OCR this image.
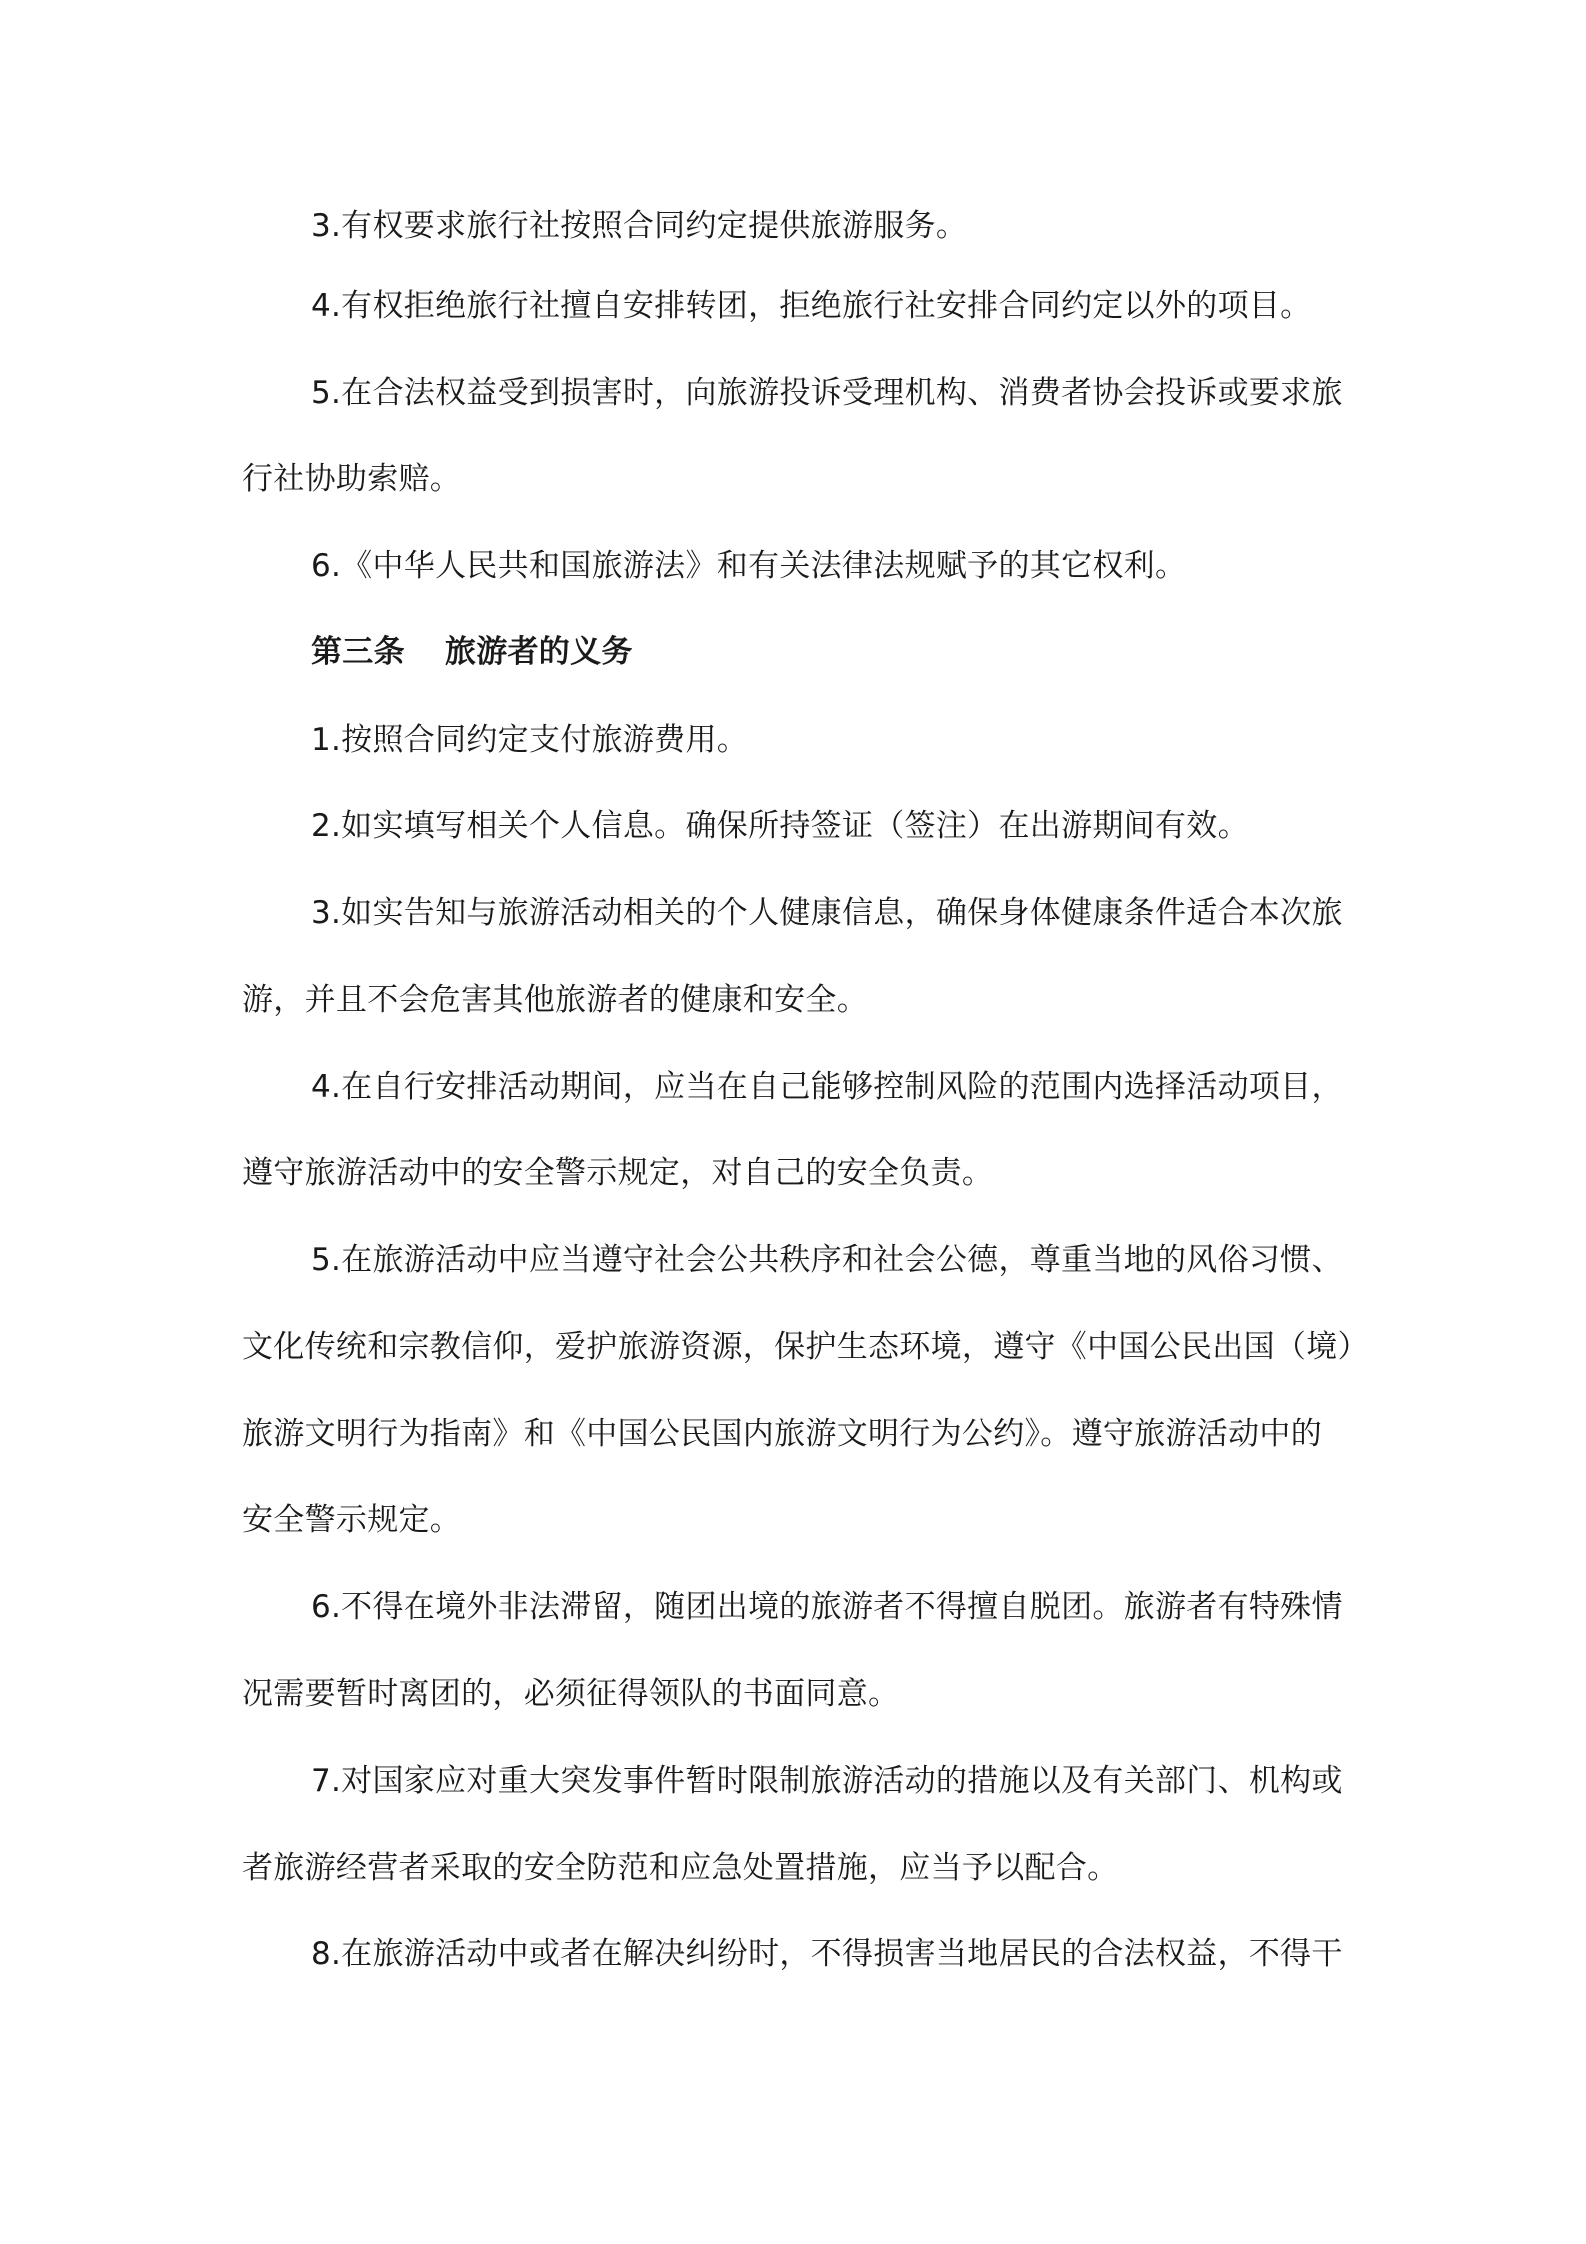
3.有权要求旅行社按照合同约定提供旅游服务。
4.有权拒绝旅行社擅自安排转团，拒绝旅行社安排合同约定以外的项目。
5.在合法权益受到损害时，向旅游投诉受理机构、消费者协会投诉或要求旅
行社协助索赔。
6.《中华人民共和国旅游法》和有关法律法规赋予的其它权利。
第三条 旅游者的义务
1.按照合同约定支付旅游费用。
2.如实填写相关个人信息。确保所持签证（签注）在出游期间有效。
3.如实告知与旅游活动相关的个人健康信息，确保身体健康条件适合本次旅
游，并且不会危害其他旅游者的健康和安全。
4.在自行安排活动期间，应当在自己能够控制风险的范围内选择活动项目，
遵守旅游活动中的安全警示规定，对自己的安全负责。
5.在旅游活动中应当遵守社会公共秩序和社会公德，尊重当地的风俗习惯、
文化传统和宗教信仰，爱护旅游资源，保护生态环境，遵守《中国公民出国（境）
旅游文明行为指南》和《中国公民国内旅游文明行为公约》。遵守旅游活动中的
安全警示规定。
6.不得在境外非法滞留，随团出境的旅游者不得擅自脱团。旅游者有特殊情
况需要暂时离团的，必须征得领队的书面同意。
7.对国家应对重大突发事件暂时限制旅游活动的措施以及有关部门、机构或
者旅游经营者采取的安全防范和应急处置措施，应当予以配合。
8.在旅游活动中或者在解决纠纷时，不得损害当地居民的合法权益，不得干
